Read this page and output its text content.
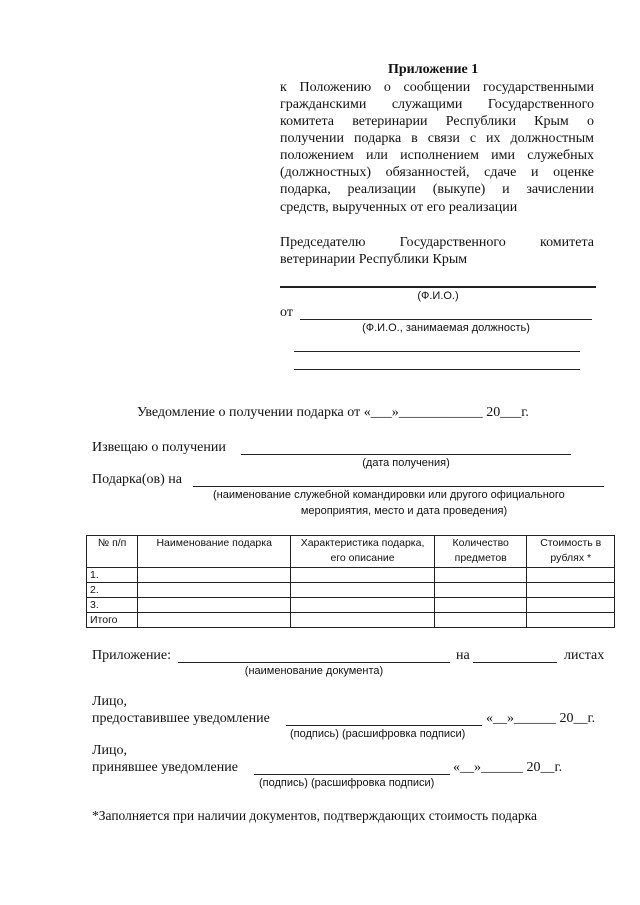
Приложение 1
к Положению о сообщении государственными
гражданскими служащими Государственного
комитета ветеринарии Республики Крым о
получении подарка в связи с их должностным
положением или исполнением ими служебных
(должностных) обязанностей, сдаче и оценке
подарка, реализации (выкупе) и зачислении
средств, вырученных от его реализации
Председателю Государственного комитета
ветеринарии Республики Крым
(Ф.И.О.)
от
(Ф.И.О., занимаемая должность)
Уведомление о получении подарка от «___»____________ 20___г.
Извещаю о получении
(дата получения)
Подарка(ов) на
(наименование служебной командировки или другого официального
мероприятия, место и дата проведения)
№ п/п	Наименование подарка	Характеристика подарка, его описание	Количество предметов	Стоимость в рублях *
1.				
2.				
3.				
Итого				
Приложение:	на	листах
(наименование документа)
Лицо,
предоставившее уведомление	«__»______ 20__г.
(подпись) (расшифровка подписи)
Лицо,
принявшее уведомление	«__»______ 20__г.
(подпись) (расшифровка подписи)
*Заполняется при наличии документов, подтверждающих стоимость подарка
